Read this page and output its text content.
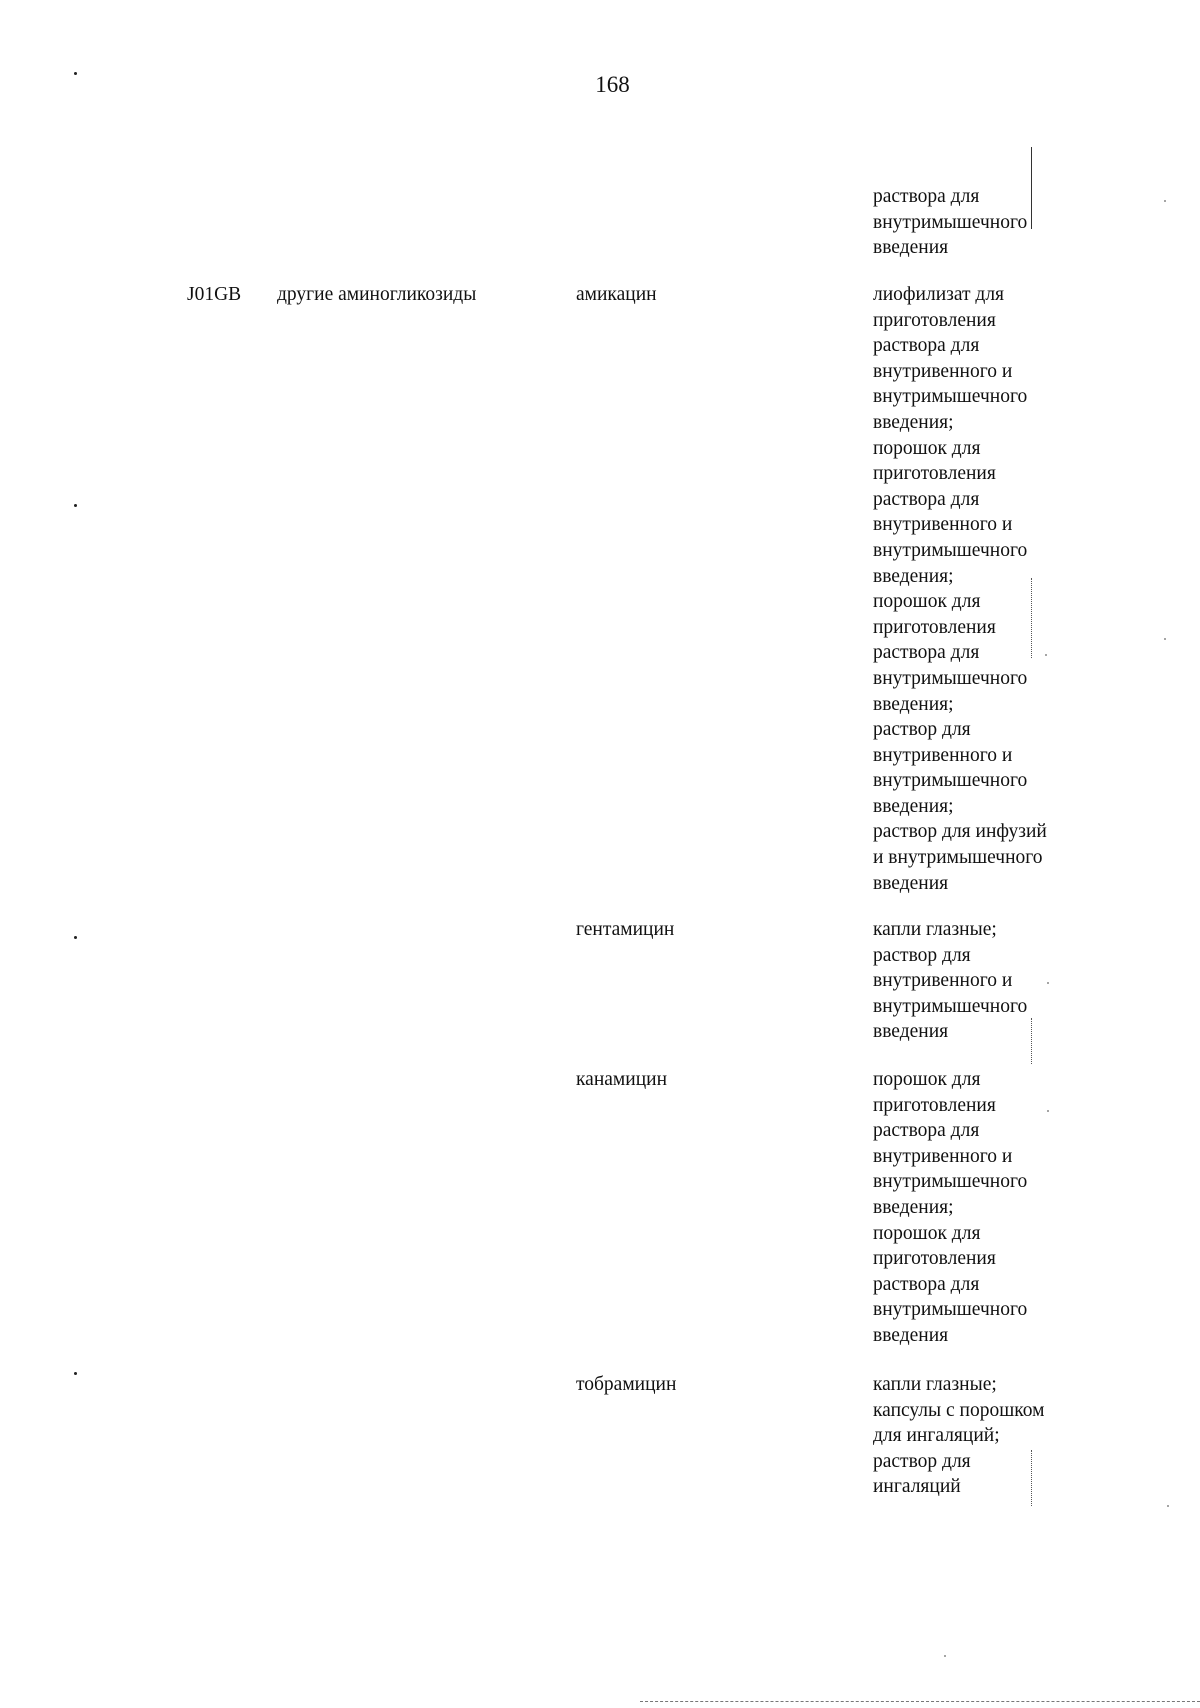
168
раствора для
внутримышечного
введения
J01GB другие аминогликозиды	амикацин	лиофилизат для
приготовления
раствора для
внутривенного и
внутримышечного
введения;
порошок для
приготовления
раствора для
внутривенного и
внутримышечного
введения;
порошок для
приготовления
раствора для
внутримышечного
введения;
раствор для
внутривенного и
внутримышечного
введения;
раствор для инфузий
и внутримышечного
введения
гентамицин	капли глазные;
раствор для
внутривенного и
внутримышечного
введения
канамицин	порошок для
приготовления
раствора для
внутривенного и
внутримышечного
введения;
порошок для
приготовления
раствора для
внутримышечного
введения
тобрамицин	капли глазные;
капсулы с порошком
для ингаляций;
раствор для
ингаляций
